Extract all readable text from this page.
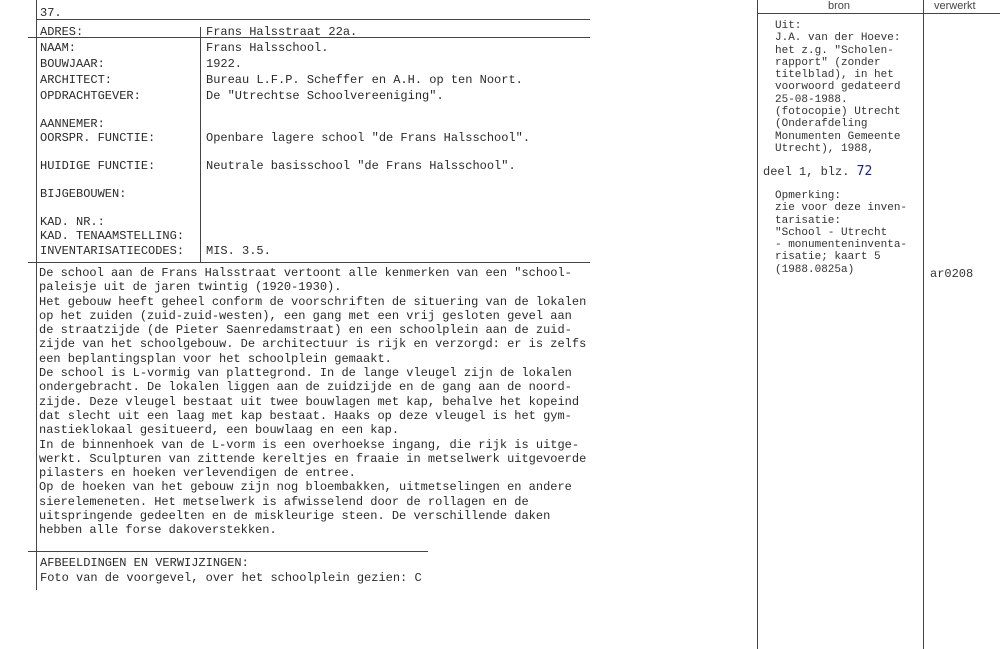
37.
ADRES:	Frans Halsstraat 22a.
NAAM:	Frans Halsschool.
BOUWJAAR:	1922.
ARCHITECT:	Bureau L.F.P. Scheffer en A.H. op ten Noort.
OPDRACHTGEVER:	De "Utrechtse Schoolvereeniging".
AANNEMER:
OORSPR. FUNCTIE:	Openbare lagere school "de Frans Halsschool".
HUIDIGE FUNCTIE:	Neutrale basisschool "de Frans Halsschool".
BIJGEBOUWEN:
KAD. NR.:
KAD. TENAAMSTELLING:
INVENTARISATIECODES: MIS. 3.5.
De school aan de Frans Halsstraat vertoont alle kenmerken van een "school-
paleisje uit de jaren twintig (1920-1930).
Het gebouw heeft geheel conform de voorschriften de situering van de lokalen
op het zuiden (zuid-zuid-westen), een gang met een vrij gesloten gevel aan
de straatzijde (de Pieter Saenredamstraat) en een schoolplein aan de zuid-
zijde van het schoolgebouw. De architectuur is rijk en verzorgd: er is zelfs
een beplantingsplan voor het schoolplein gemaakt.
De school is L-vormig van plattegrond. In de lange vleugel zijn de lokalen
ondergebracht. De lokalen liggen aan de zuidzijde en de gang aan de noord-
zijde. Deze vleugel bestaat uit twee bouwlagen met kap, behalve het kopeind
dat slecht uit een laag met kap bestaat. Haaks op deze vleugel is het gym-
nastieklokaal gesitueerd, een bouwlaag en een kap.
In de binnenhoek van de L-vorm is een overhoekse ingang, die rijk is uitge-
werkt. Sculpturen van zittende kereltjes en fraaie in metselwerk uitgevoerde
pilasters en hoeken verlevendigen de entree.
Op de hoeken van het gebouw zijn nog bloembakken, uitmetselingen en andere
sierelemeneten. Het metselwerk is afwisselend door de rollagen en de
uitspringende gedeelten en de miskleurige steen. De verschillende daken
hebben alle forse dakoverstekken.
AFBEELDINGEN EN VERWIJZINGEN:
Foto van de voorgevel, over het schoolplein gezien: C
bron	verwerkt
Uit:
J.A. van der Hoeve:
het z.g. "Scholen-
rapport" (zonder
titelblad), in het
voorwoord gedateerd
25-08-1988.
(fotocopie) Utrecht
(Onderafdeling
Monumenten Gemeente
Utrecht), 1988,
deel 1, blz. 72
Opmerking:
zie voor deze inven-
tarisatie:
"School - Utrecht
- monumenteninventa-
risatie; kaart 5
(1988.0825a)	ar0208
